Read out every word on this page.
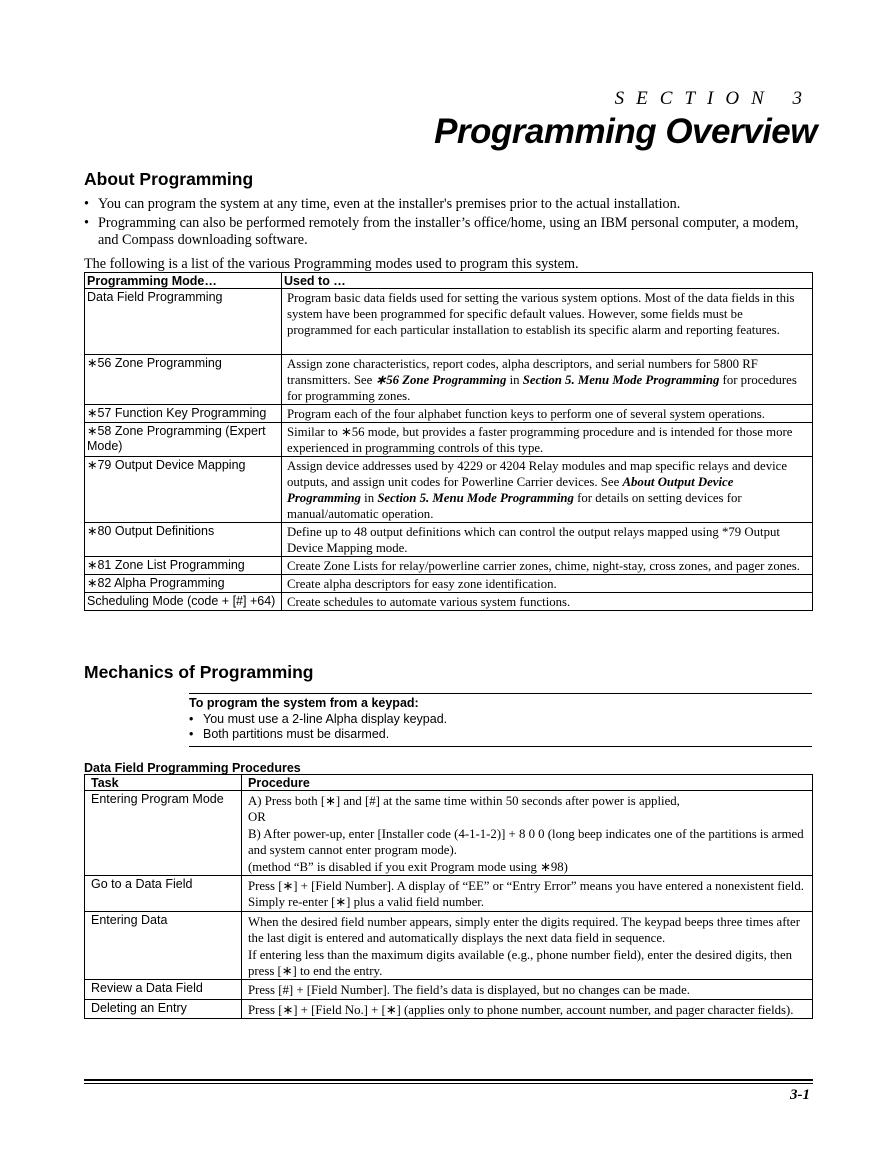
SECTION 3
Programming Overview
About Programming
• You can program the system at any time, even at the installer's premises prior to the actual installation.
• Programming can also be performed remotely from the installer’s office/home, using an IBM personal computer, a modem, and Compass downloading software.
The following is a list of the various Programming modes used to program this system.
Programming Mode…	Used to …
Data Field Programming	Program basic data fields used for setting the various system options. Most of the data fields in this system have been programmed for specific default values. However, some fields must be programmed for each particular installation to establish its specific alarm and reporting features.
∗56 Zone Programming	Assign zone characteristics, report codes, alpha descriptors, and serial numbers for 5800 RF transmitters. See ∗56 Zone Programming in Section 5. Menu Mode Programming for procedures for programming zones.
∗57 Function Key Programming	Program each of the four alphabet function keys to perform one of several system operations.
∗58 Zone Programming (Expert Mode)	Similar to ∗56 mode, but provides a faster programming procedure and is intended for those more experienced in programming controls of this type.
∗79 Output Device Mapping	Assign device addresses used by 4229 or 4204 Relay modules and map specific relays and device outputs, and assign unit codes for Powerline Carrier devices. See About Output Device Programming in Section 5. Menu Mode Programming for details on setting devices for manual/automatic operation.
∗80 Output Definitions	Define up to 48 output definitions which can control the output relays mapped using *79 Output Device Mapping mode.
∗81 Zone List Programming	Create Zone Lists for relay/powerline carrier zones, chime, night-stay, cross zones, and pager zones.
∗82 Alpha Programming	Create alpha descriptors for easy zone identification.
Scheduling Mode (code + [#] +64)	Create schedules to automate various system functions.
Mechanics of Programming
To program the system from a keypad:
• You must use a 2-line Alpha display keypad.
• Both partitions must be disarmed.
Data Field Programming Procedures
Task	Procedure
Entering Program Mode	A) Press both [∗] and [#] at the same time within 50 seconds after power is applied,
OR
B) After power-up, enter [Installer code (4-1-1-2)] + 8 0 0 (long beep indicates one of the partitions is armed and system cannot enter program mode).
(method “B” is disabled if you exit Program mode using ∗98)

Go to a Data Field	Press [∗] + [Field Number]. A display of “EE” or “Entry Error” means you have entered a nonexistent field. Simply re-enter [∗] plus a valid field number.

Entering Data	When the desired field number appears, simply enter the digits required. The keypad beeps three times after the last digit is entered and automatically displays the next data field in sequence.
If entering less than the maximum digits available (e.g., phone number field), enter the desired digits, then press [∗] to end the entry.

Review a Data Field	Press [#] + [Field Number]. The field’s data is displayed, but no changes can be made.

Deleting an Entry	Press [∗] + [Field No.] + [∗] (applies only to phone number, account number, and pager character fields).
3-1
